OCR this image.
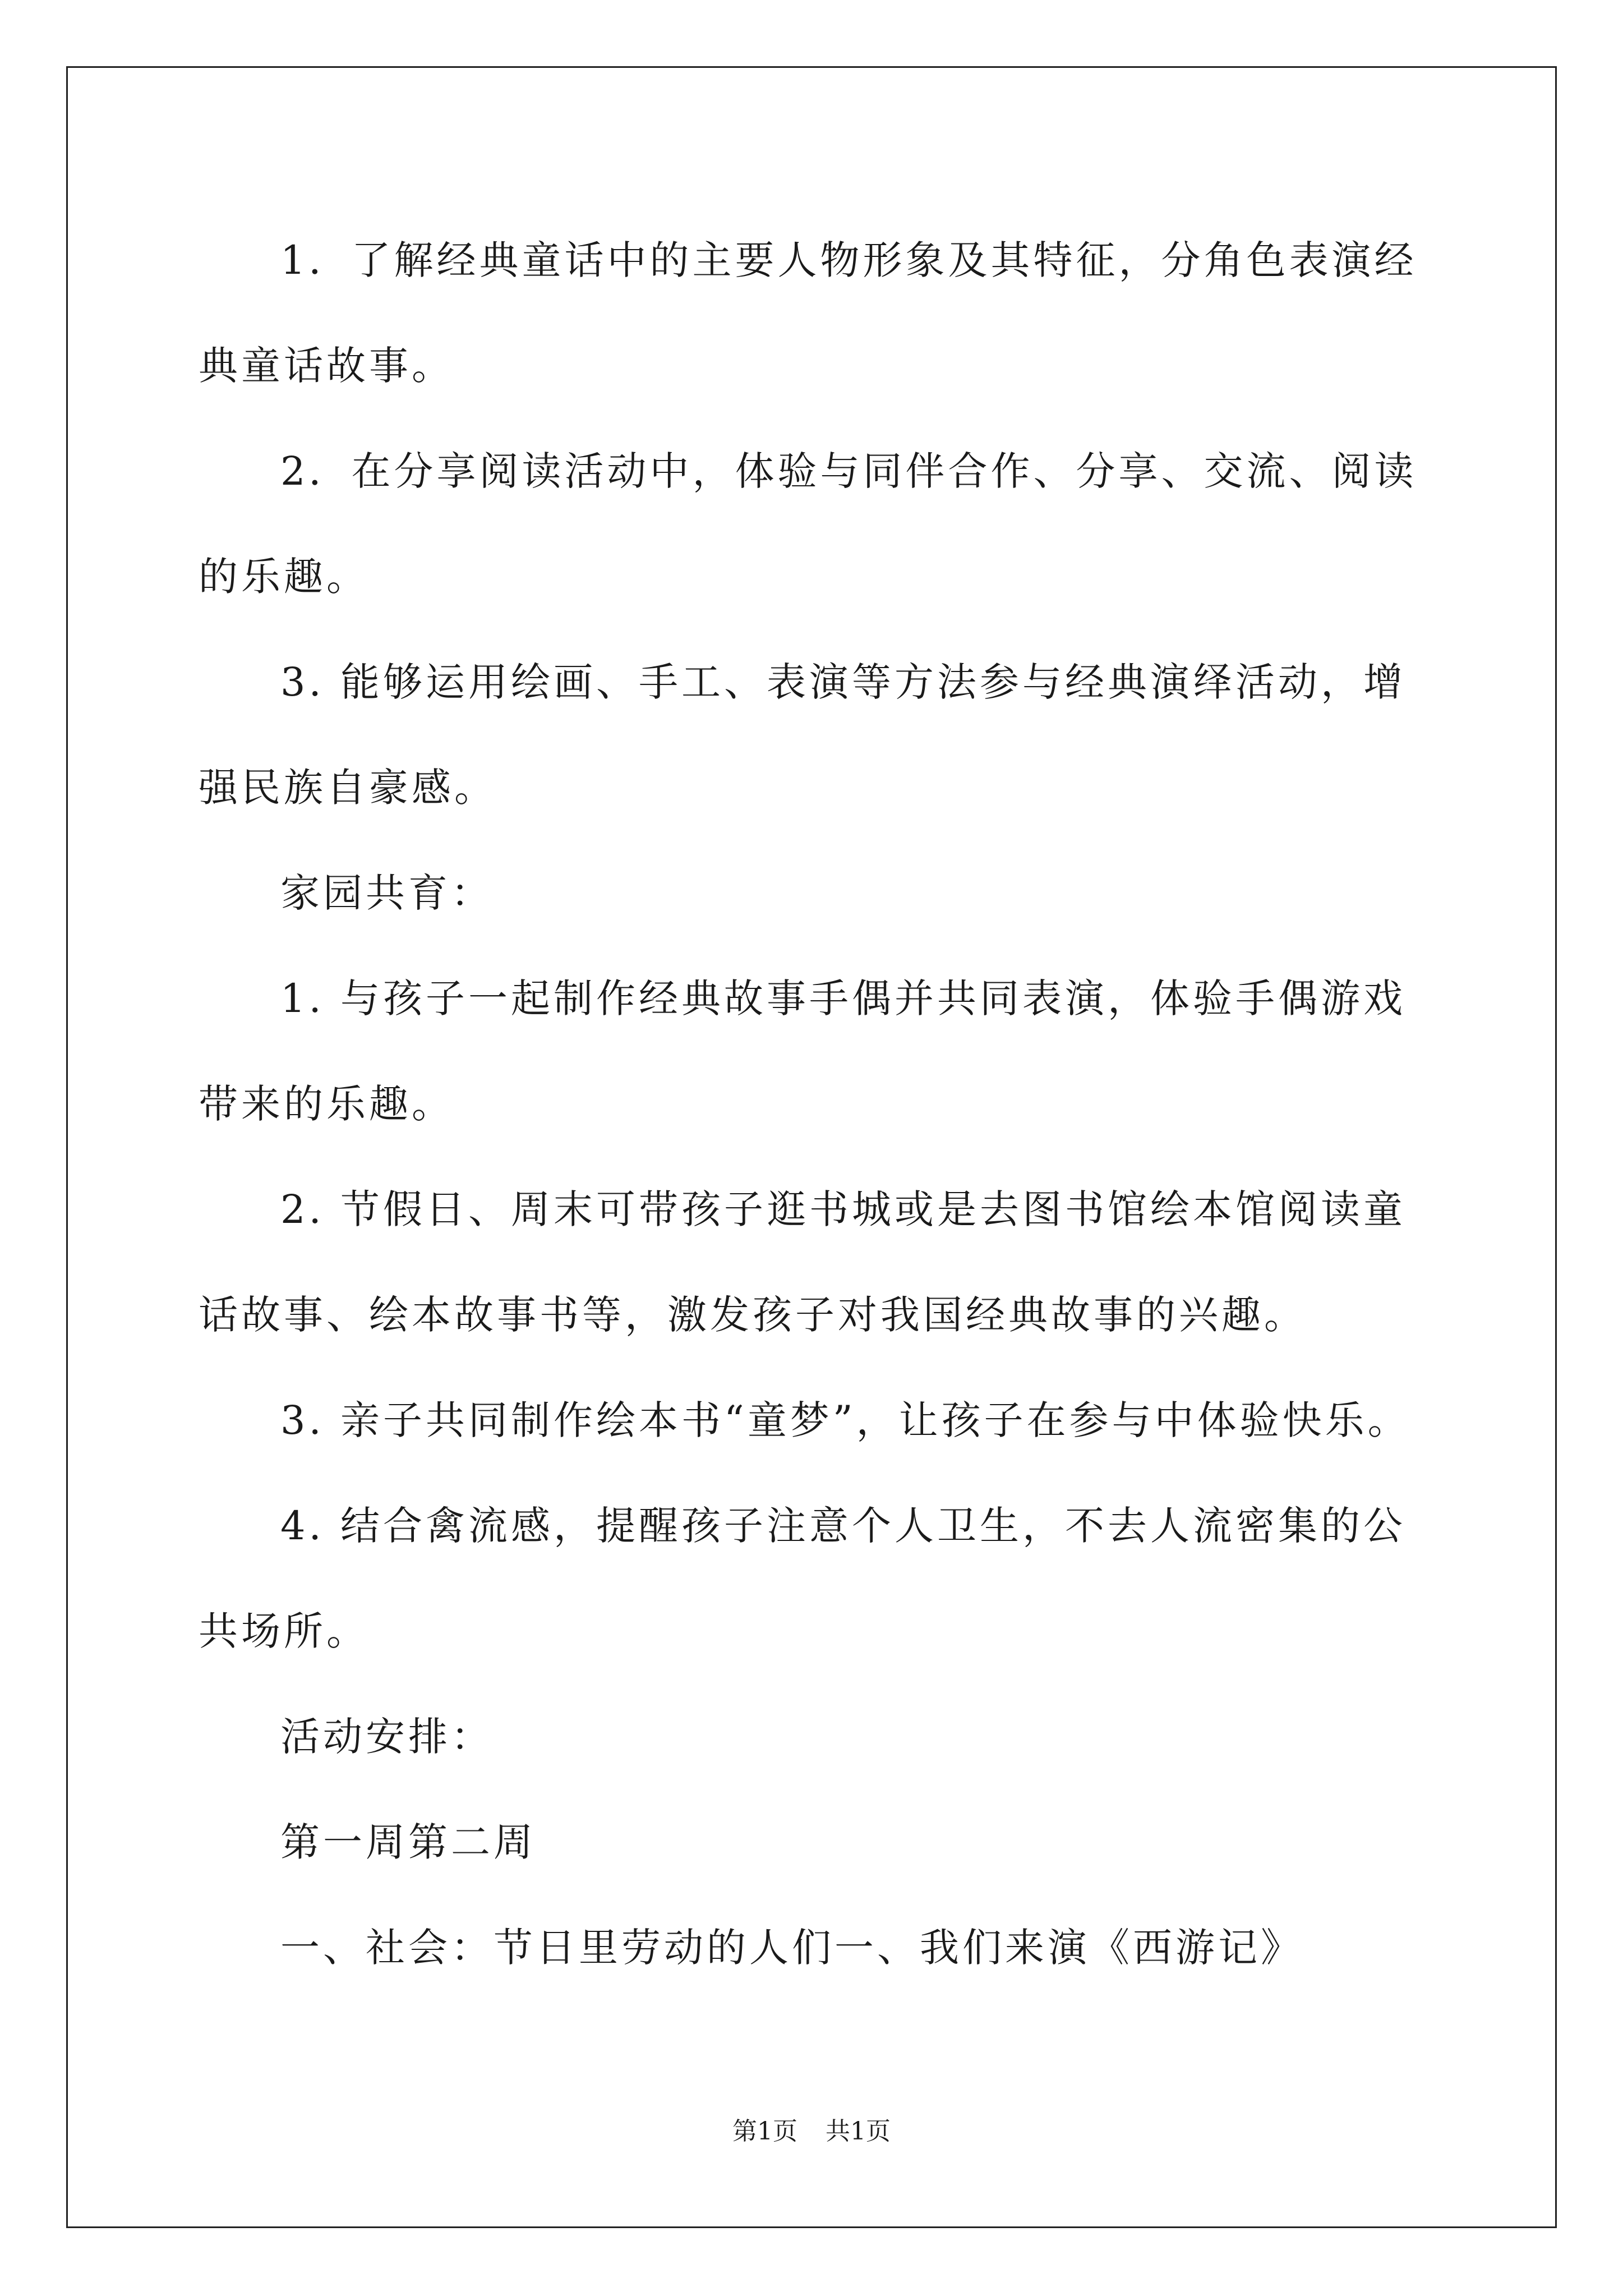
1．了解经典童话中的主要人物形象及其特征，分角色表演经典童话故事。

2．在分享阅读活动中，体验与同伴合作、分享、交流、阅读的乐趣。

3. 能够运用绘画、手工、表演等方法参与经典演绎活动，增强民族自豪感。

家园共育：

1. 与孩子一起制作经典故事手偶并共同表演，体验手偶游戏带来的乐趣。

2. 节假日、周末可带孩子逛书城或是去图书馆绘本馆阅读童话故事、绘本故事书等，激发孩子对我国经典故事的兴趣。

3. 亲子共同制作绘本书“童梦”，让孩子在参与中体验快乐。

4. 结合禽流感，提醒孩子注意个人卫生，不去人流密集的公共场所。

活动安排：

第一周第二周

一、社会：节日里劳动的人们一、我们来演《西游记》

第1页 共1页
